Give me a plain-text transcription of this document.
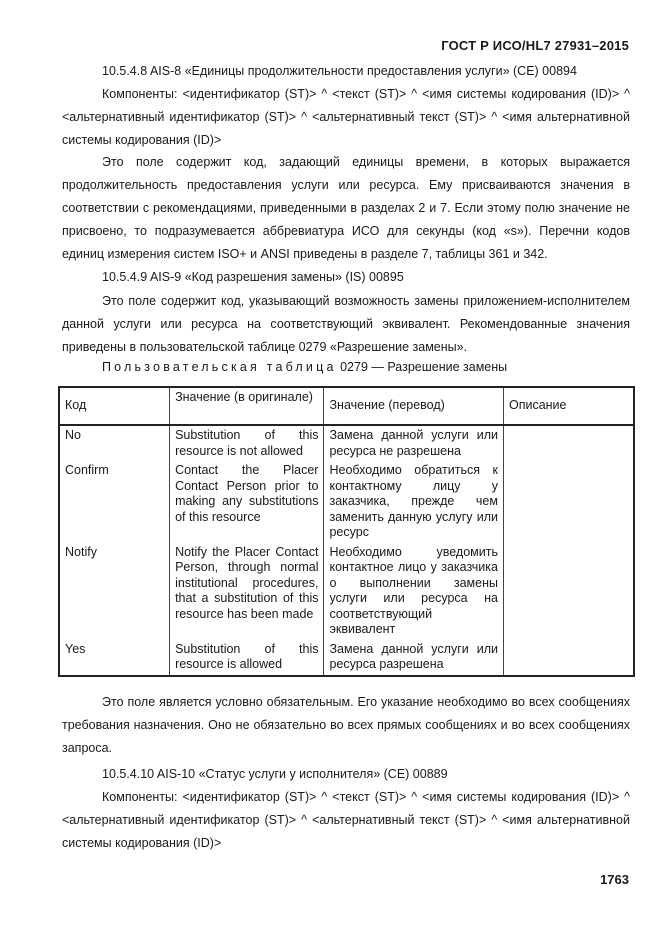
ГОСТ Р ИСО/HL7 27931–2015
10.5.4.8 AIS-8 «Единицы продолжительности предоставления услуги» (CE) 00894
Компоненты: <идентификатор (ST)> ^ <текст (ST)> ^ <имя системы кодирования (ID)> ^ <альтернативный идентификатор (ST)> ^ <альтернативный текст (ST)> ^ <имя альтернативной системы кодирования (ID)>
Это поле содержит код, задающий единицы времени, в которых выражается продолжительность предоставления услуги или ресурса. Ему присваиваются значения в соответствии с рекомендациями, приведенными в разделах 2 и 7. Если этому полю значение не присвоено, то подразумевается аббревиатура ИСО для секунды (код «s»). Перечни кодов единиц измерения систем ISO+ и ANSI приведены в разделе 7, таблицы 361 и 342.
10.5.4.9 AIS-9 «Код разрешения замены» (IS) 00895
Это поле содержит код, указывающий возможность замены приложением-исполнителем данной услуги или ресурса на соответствующий эквивалент. Рекомендованные значения приведены в пользовательской таблице 0279 «Разрешение замены».
Пользовательская таблица 0279 — Разрешение замены
Код	Значение (в оригинале)	Значение (перевод)	Описание
No	Substitution of this resource is not allowed	Замена данной услуги или ресурса не разрешена	
Confirm	Contact the Placer Contact Person prior to making any substitutions of this resource	Необходимо обратиться к контактному лицу у заказчика, прежде чем заменить данную услугу или ресурс	
Notify	Notify the Placer Contact Person, through normal institutional procedures, that a substitution of this resource has been made	Необходимо уведомить контактное лицо у заказчика о выполнении замены услуги или ресурса на соответствующий эквивалент	
Yes	Substitution of this resource is allowed	Замена данной услуги или ресурса разрешена	
Это поле является условно обязательным. Его указание необходимо во всех сообщениях требования назначения. Оно не обязательно во всех прямых сообщениях и во всех сообщениях запроса.
10.5.4.10 AIS-10 «Статус услуги у исполнителя» (CE) 00889
Компоненты: <идентификатор (ST)> ^ <текст (ST)> ^ <имя системы кодирования (ID)> ^ <альтернативный идентификатор (ST)> ^ <альтернативный текст (ST)> ^ <имя альтернативной системы кодирования (ID)>
1763
